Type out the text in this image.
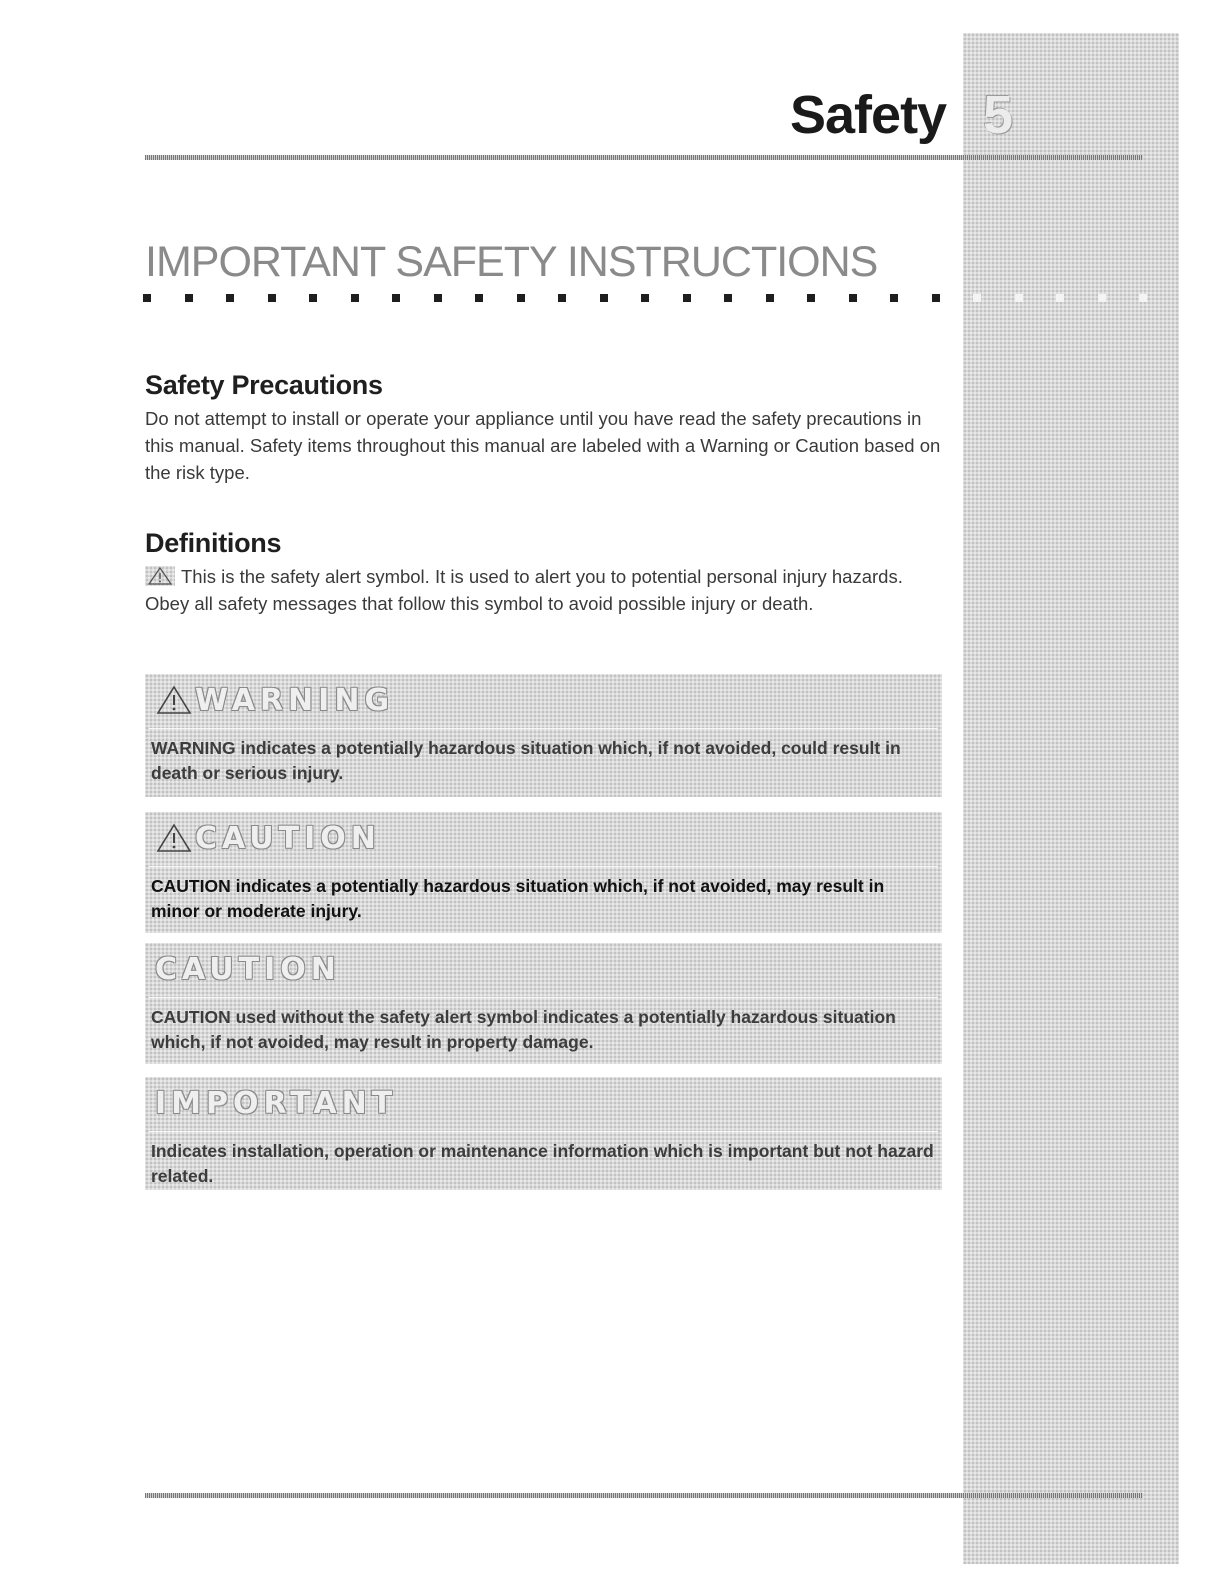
Safety 5
IMPORTANT SAFETY INSTRUCTIONS
Safety Precautions

Do not attempt to install or operate your appliance until you have read the safety precautions in this manual. Safety items throughout this manual are labeled with a Warning or Caution based on the risk type.

Definitions

This is the safety alert symbol. It is used to alert you to potential personal injury hazards. Obey all safety messages that follow this symbol to avoid possible injury or death.

WARNING

WARNING indicates a potentially hazardous situation which, if not avoided, could result in death or serious injury.

CAUTION

CAUTION indicates a potentially hazardous situation which, if not avoided, may result in minor or moderate injury.

CAUTION

CAUTION used without the safety alert symbol indicates a potentially hazardous situation which, if not avoided, may result in property damage.

IMPORTANT

Indicates installation, operation or maintenance information which is important but not hazard related.
